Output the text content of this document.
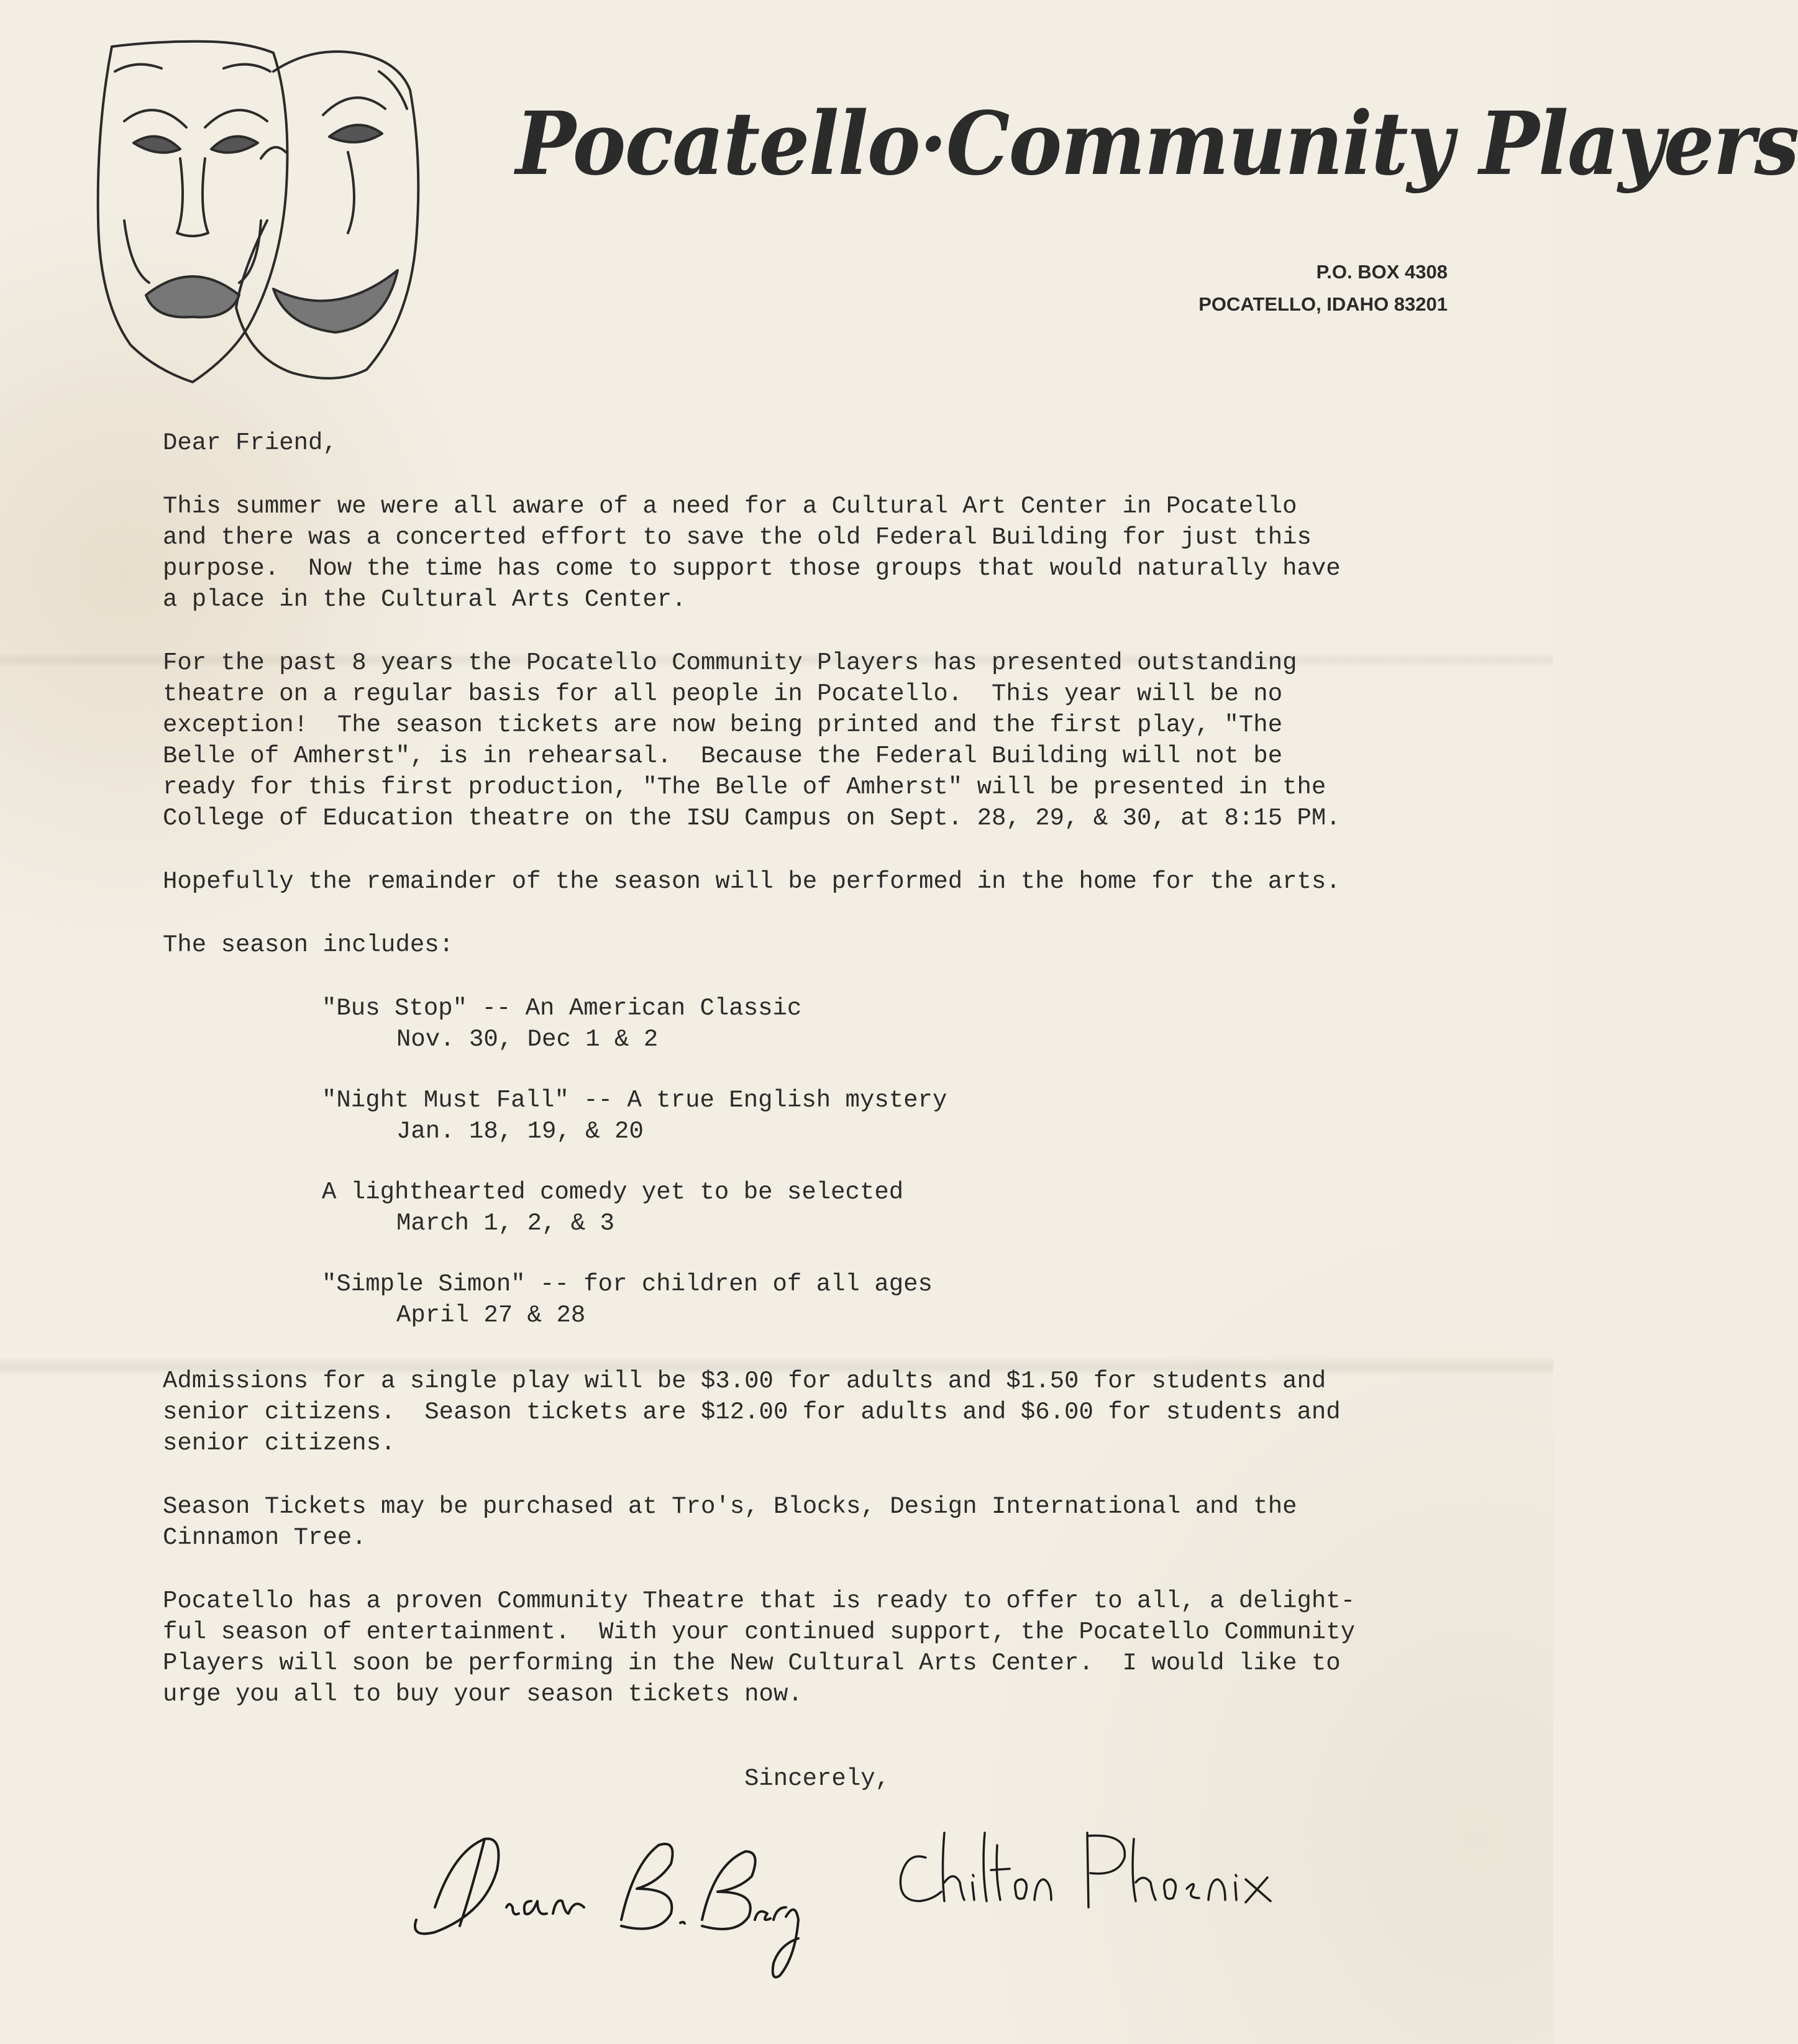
Pocatello·Community Players
P.O. BOX 4308
POCATELLO, IDAHO 83201
Dear Friend,
This summer we were all aware of a need for a Cultural Art Center in Pocatello
and there was a concerted effort to save the old Federal Building for just this
purpose.  Now the time has come to support those groups that would naturally have
a place in the Cultural Arts Center.
For the past 8 years the Pocatello Community Players has presented outstanding
theatre on a regular basis for all people in Pocatello.  This year will be no
exception!  The season tickets are now being printed and the first play, "The
Belle of Amherst", is in rehearsal.  Because the Federal Building will not be
ready for this first production, "The Belle of Amherst" will be presented in the
College of Education theatre on the ISU Campus on Sept. 28, 29, & 30, at 8:15 PM.
Hopefully the remainder of the season will be performed in the home for the arts.
The season includes:
"Bus Stop" -- An American Classic
Nov. 30, Dec 1 & 2
"Night Must Fall" -- A true English mystery
Jan. 18, 19, & 20
A lighthearted comedy yet to be selected
March 1, 2, & 3
"Simple Simon" -- for children of all ages
April 27 & 28
Admissions for a single play will be $3.00 for adults and $1.50 for students and
senior citizens.  Season tickets are $12.00 for adults and $6.00 for students and
senior citizens.
Season Tickets may be purchased at Tro's, Blocks, Design International and the
Cinnamon Tree.
Pocatello has a proven Community Theatre that is ready to offer to all, a delight-
ful season of entertainment.  With your continued support, the Pocatello Community
Players will soon be performing in the New Cultural Arts Center.  I would like to
urge you all to buy your season tickets now.
Sincerely,
